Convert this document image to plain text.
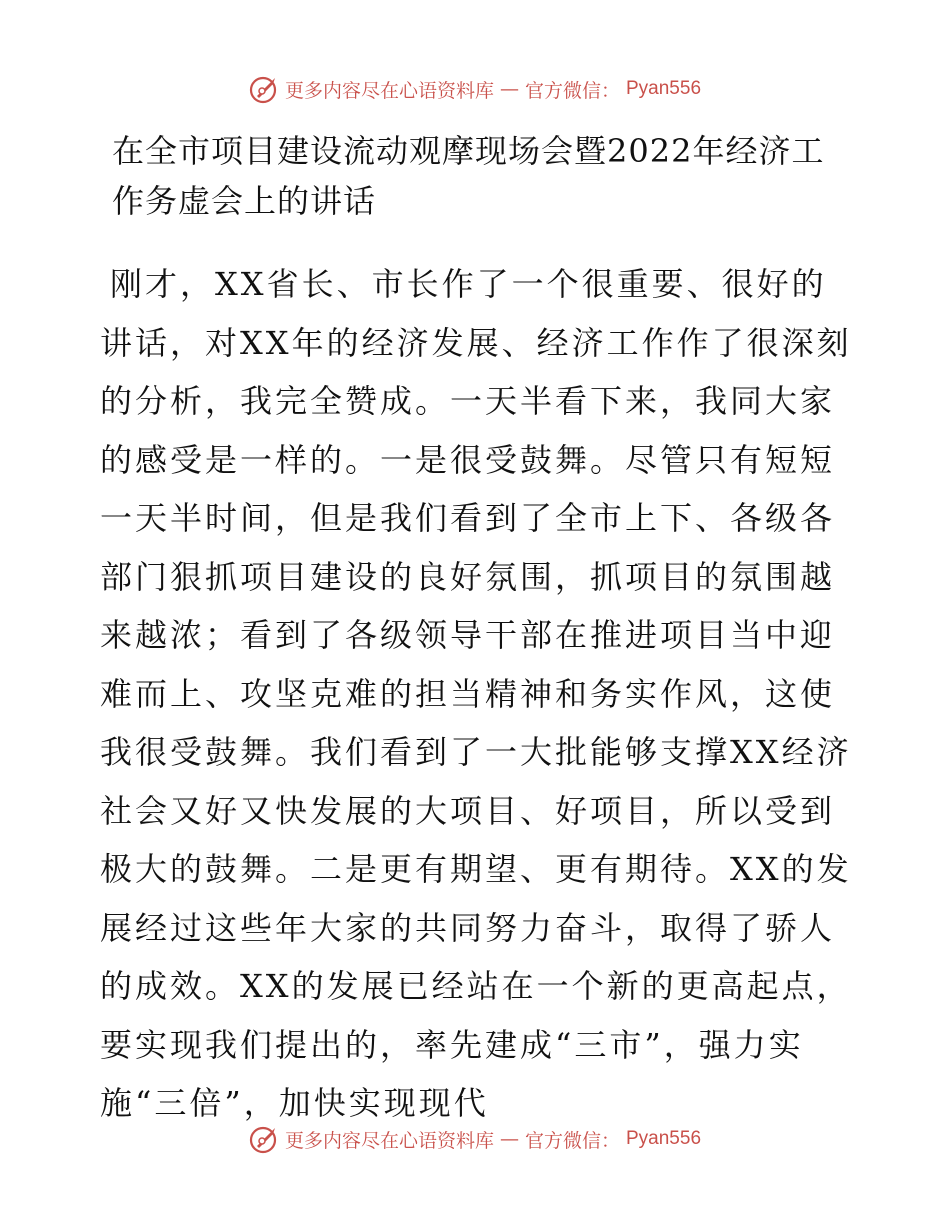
更多内容尽在心语资料库 — 官方微信： Pyan556
在全市项目建设流动观摩现场会暨2022年经济工作务虚会上的讲话

刚才，XX省长、市长作了一个很重要、很好的讲话，对XX年的经济发展、经济工作作了很深刻的分析，我完全赞成。一天半看下来，我同大家的感受是一样的。一是很受鼓舞。尽管只有短短一天半时间，但是我们看到了全市上下、各级各部门狠抓项目建设的良好氛围，抓项目的氛围越来越浓；看到了各级领导干部在推进项目当中迎难而上、攻坚克难的担当精神和务实作风，这使我很受鼓舞。我们看到了一大批能够支撑XX经济社会又好又快发展的大项目、好项目，所以受到极大的鼓舞。二是更有期望、更有期待。XX的发展经过这些年大家的共同努力奋斗，取得了骄人的成效。XX的发展已经站在一个新的更高起点，要实现我们提出的，率先建成“三市”，强力实施“三倍”，加快实现现代

更多内容尽在心语资料库 — 官方微信： Pyan556
